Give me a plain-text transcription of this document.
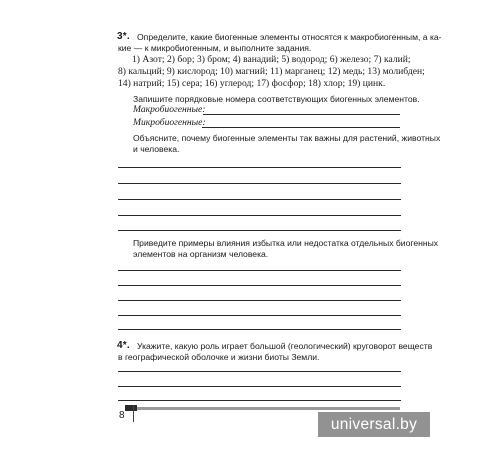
3*. Определите, какие биогенные элементы относятся к макробиогенным, а ка-
кие — к микробиогенным, и выполните задания.
1) Азот; 2) бор; 3) бром; 4) ванадий; 5) водород; 6) железо; 7) калий;
8) кальций; 9) кислород; 10) магний; 11) марганец; 12) медь; 13) молибден;
14) натрий; 15) сера; 16) углерод; 17) фосфор; 18) хлор; 19) цинк.
Запишите порядковые номера соответствующих биогенных элементов.
Макробиогенные:
Микробиогенные:
Объясните, почему биогенные элементы так важны для растений, животных
и человека.
Приведите примеры влияния избытка или недостатка отдельных биогенных
элементов на организм человека.
4*. Укажите, какую роль играет большой (геологический) круговорот веществ
в географической оболочке и жизни биоты Земли.
8	universal.by
